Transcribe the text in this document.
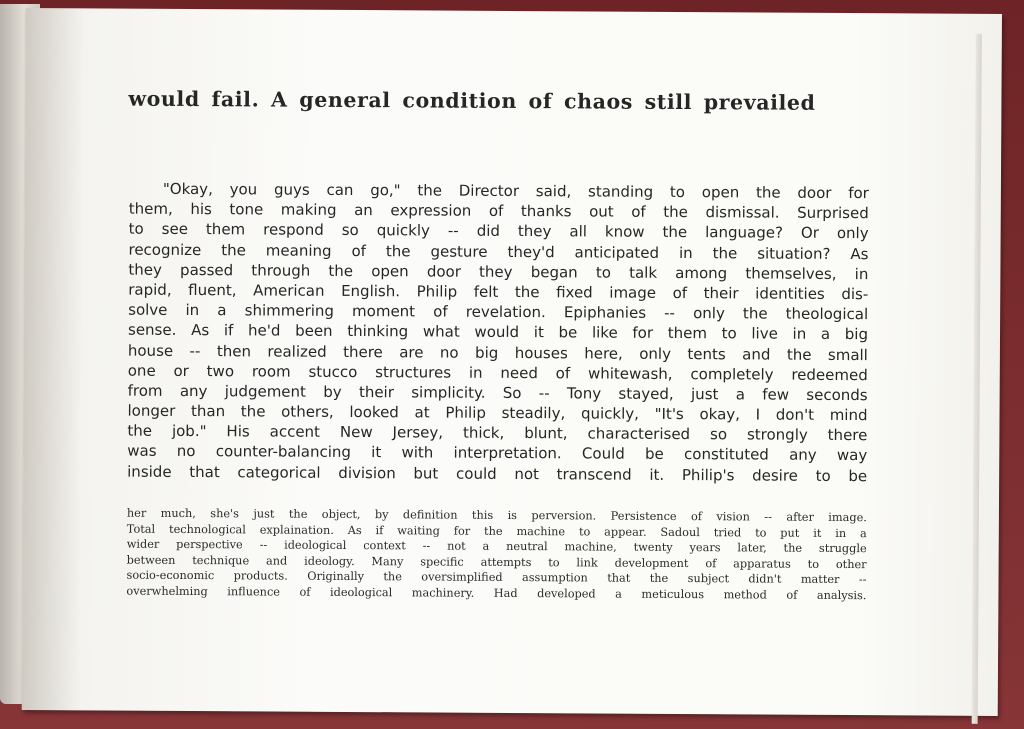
would fail. A general condition of chaos still prevailed
"Okay, you guys can go," the Director said, standing to open the door for
them, his tone making an expression of thanks out of the dismissal. Surprised
to see them respond so quickly -- did they all know the language? Or only
recognize the meaning of the gesture they'd anticipated in the situation? As
they passed through the open door they began to talk among themselves, in
rapid, fluent, American English. Philip felt the fixed image of their identities dis-
solve in a shimmering moment of revelation. Epiphanies -- only the theological
sense. As if he'd been thinking what would it be like for them to live in a big
house -- then realized there are no big houses here, only tents and the small
one or two room stucco structures in need of whitewash, completely redeemed
from any judgement by their simplicity. So -- Tony stayed, just a few seconds
longer than the others, looked at Philip steadily, quickly, "It's okay, I don't mind
the job." His accent New Jersey, thick, blunt, characterised so strongly there
was no counter-balancing it with interpretation. Could be constituted any way
inside that categorical division but could not transcend it. Philip's desire to be
her much, she's just the object, by definition this is perversion. Persistence of vision -- after image.
Total technological explaination. As if waiting for the machine to appear. Sadoul tried to put it in a
wider perspective -- ideological context -- not a neutral machine, twenty years later, the struggle
between technique and ideology. Many specific attempts to link development of apparatus to other
socio-economic products. Originally the oversimplified assumption that the subject didn't matter --
overwhelming influence of ideological machinery. Had developed a meticulous method of analysis.
